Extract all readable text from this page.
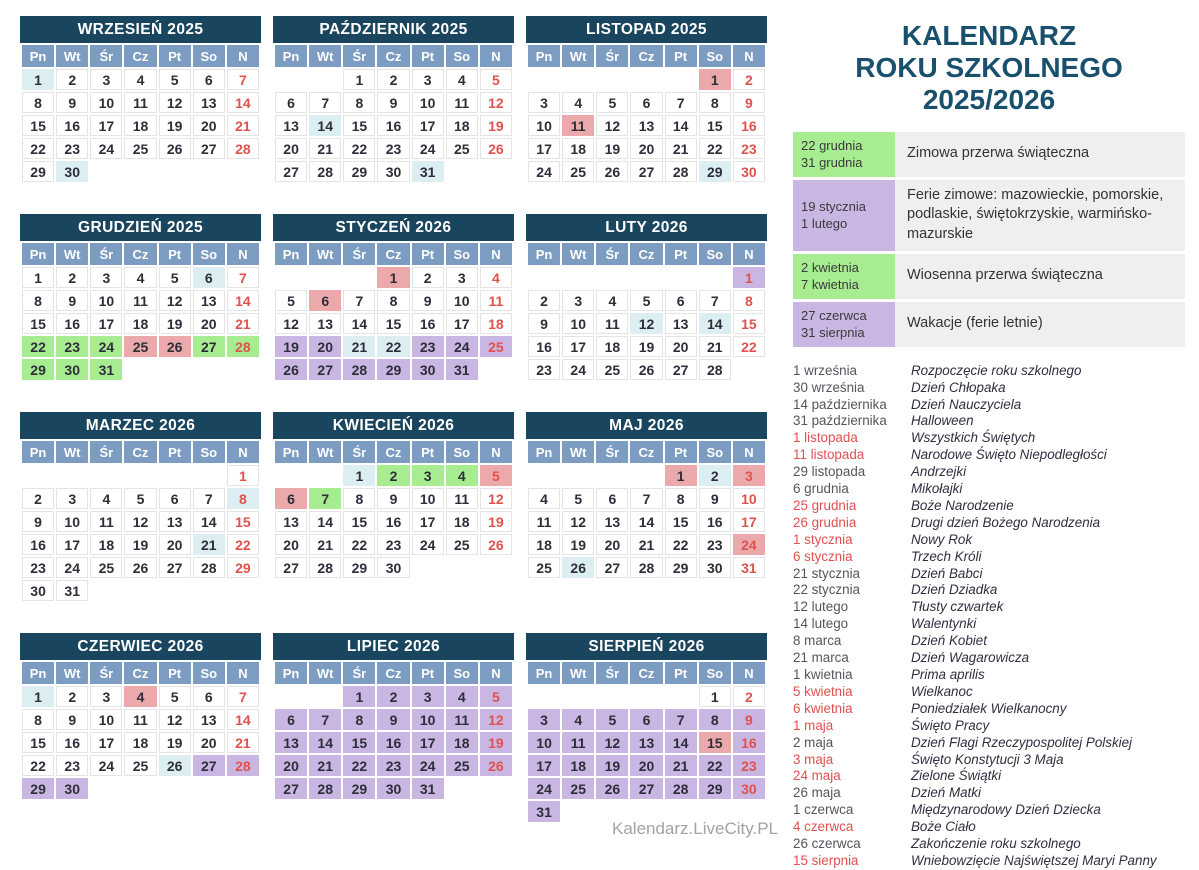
WRZESIEŃ 2025
Pn	Wt	Śr	Cz	Pt	So	N
1	2	3	4	5	6	7
8	9	10	11	12	13	14
15	16	17	18	19	20	21
22	23	24	25	26	27	28
29	30					
PAŹDZIERNIK 2025
Pn	Wt	Śr	Cz	Pt	So	N
		1	2	3	4	5
6	7	8	9	10	11	12
13	14	15	16	17	18	19
20	21	22	23	24	25	26
27	28	29	30	31		
LISTOPAD 2025
Pn	Wt	Śr	Cz	Pt	So	N
					1	2
3	4	5	6	7	8	9
10	11	12	13	14	15	16
17	18	19	20	21	22	23
24	25	26	27	28	29	30
GRUDZIEŃ 2025
Pn	Wt	Śr	Cz	Pt	So	N
1	2	3	4	5	6	7
8	9	10	11	12	13	14
15	16	17	18	19	20	21
22	23	24	25	26	27	28
29	30	31				
STYCZEŃ 2026
Pn	Wt	Śr	Cz	Pt	So	N
			1	2	3	4
5	6	7	8	9	10	11
12	13	14	15	16	17	18
19	20	21	22	23	24	25
26	27	28	29	30	31	
LUTY 2026
Pn	Wt	Śr	Cz	Pt	So	N
						1
2	3	4	5	6	7	8
9	10	11	12	13	14	15
16	17	18	19	20	21	22
23	24	25	26	27	28	
MARZEC 2026
Pn	Wt	Śr	Cz	Pt	So	N
						1
2	3	4	5	6	7	8
9	10	11	12	13	14	15
16	17	18	19	20	21	22
23	24	25	26	27	28	29
30	31					
KWIECIEŃ 2026
Pn	Wt	Śr	Cz	Pt	So	N
		1	2	3	4	5
6	7	8	9	10	11	12
13	14	15	16	17	18	19
20	21	22	23	24	25	26
27	28	29	30			
MAJ 2026
Pn	Wt	Śr	Cz	Pt	So	N
				1	2	3
4	5	6	7	8	9	10
11	12	13	14	15	16	17
18	19	20	21	22	23	24
25	26	27	28	29	30	31
CZERWIEC 2026
Pn	Wt	Śr	Cz	Pt	So	N
1	2	3	4	5	6	7
8	9	10	11	12	13	14
15	16	17	18	19	20	21
22	23	24	25	26	27	28
29	30					
LIPIEC 2026
Pn	Wt	Śr	Cz	Pt	So	N
		1	2	3	4	5
6	7	8	9	10	11	12
13	14	15	16	17	18	19
20	21	22	23	24	25	26
27	28	29	30	31		
SIERPIEŃ 2026
Pn	Wt	Śr	Cz	Pt	So	N
					1	2
3	4	5	6	7	8	9
10	11	12	13	14	15	16
17	18	19	20	21	22	23
24	25	26	27	28	29	30
31						
KALENDARZ
ROKU SZKOLNEGO
2025/2026
22 grudnia
31 grudnia
Zimowa przerwa świąteczna
19 stycznia
1 lutego
Ferie zimowe: mazowieckie, pomorskie, podlaskie, świętokrzyskie, warmińsko-mazurskie
2 kwietnia
7 kwietnia
Wiosenna przerwa świąteczna
27 czerwca
31 sierpnia
Wakacje (ferie letnie)
1 września	Rozpoczęcie roku szkolnego
30 września	Dzień Chłopaka
14 października	Dzień Nauczyciela
31 października	Halloween
1 listopada	Wszystkich Świętych
11 listopada	Narodowe Święto Niepodległości
29 listopada	Andrzejki
6 grudnia	Mikołajki
25 grudnia	Boże Narodzenie
26 grudnia	Drugi dzień Bożego Narodzenia
1 stycznia	Nowy Rok
6 stycznia	Trzech Króli
21 stycznia	Dzień Babci
22 stycznia	Dzień Dziadka
12 lutego	Tłusty czwartek
14 lutego	Walentynki
8 marca	Dzień Kobiet
21 marca	Dzień Wagarowicza
1 kwietnia	Prima aprilis
5 kwietnia	Wielkanoc
6 kwietnia	Poniedziałek Wielkanocny
1 maja	Święto Pracy
2 maja	Dzień Flagi Rzeczypospolitej Polskiej
3 maja	Święto Konstytucji 3 Maja
24 maja	Zielone Świątki
26 maja	Dzień Matki
1 czerwca	Międzynarodowy Dzień Dziecka
4 czerwca	Boże Ciało
26 czerwca	Zakończenie roku szkolnego
15 sierpnia	Wniebowzięcie Najświętszej Maryi Panny
Kalendarz.LiveCity.PL
